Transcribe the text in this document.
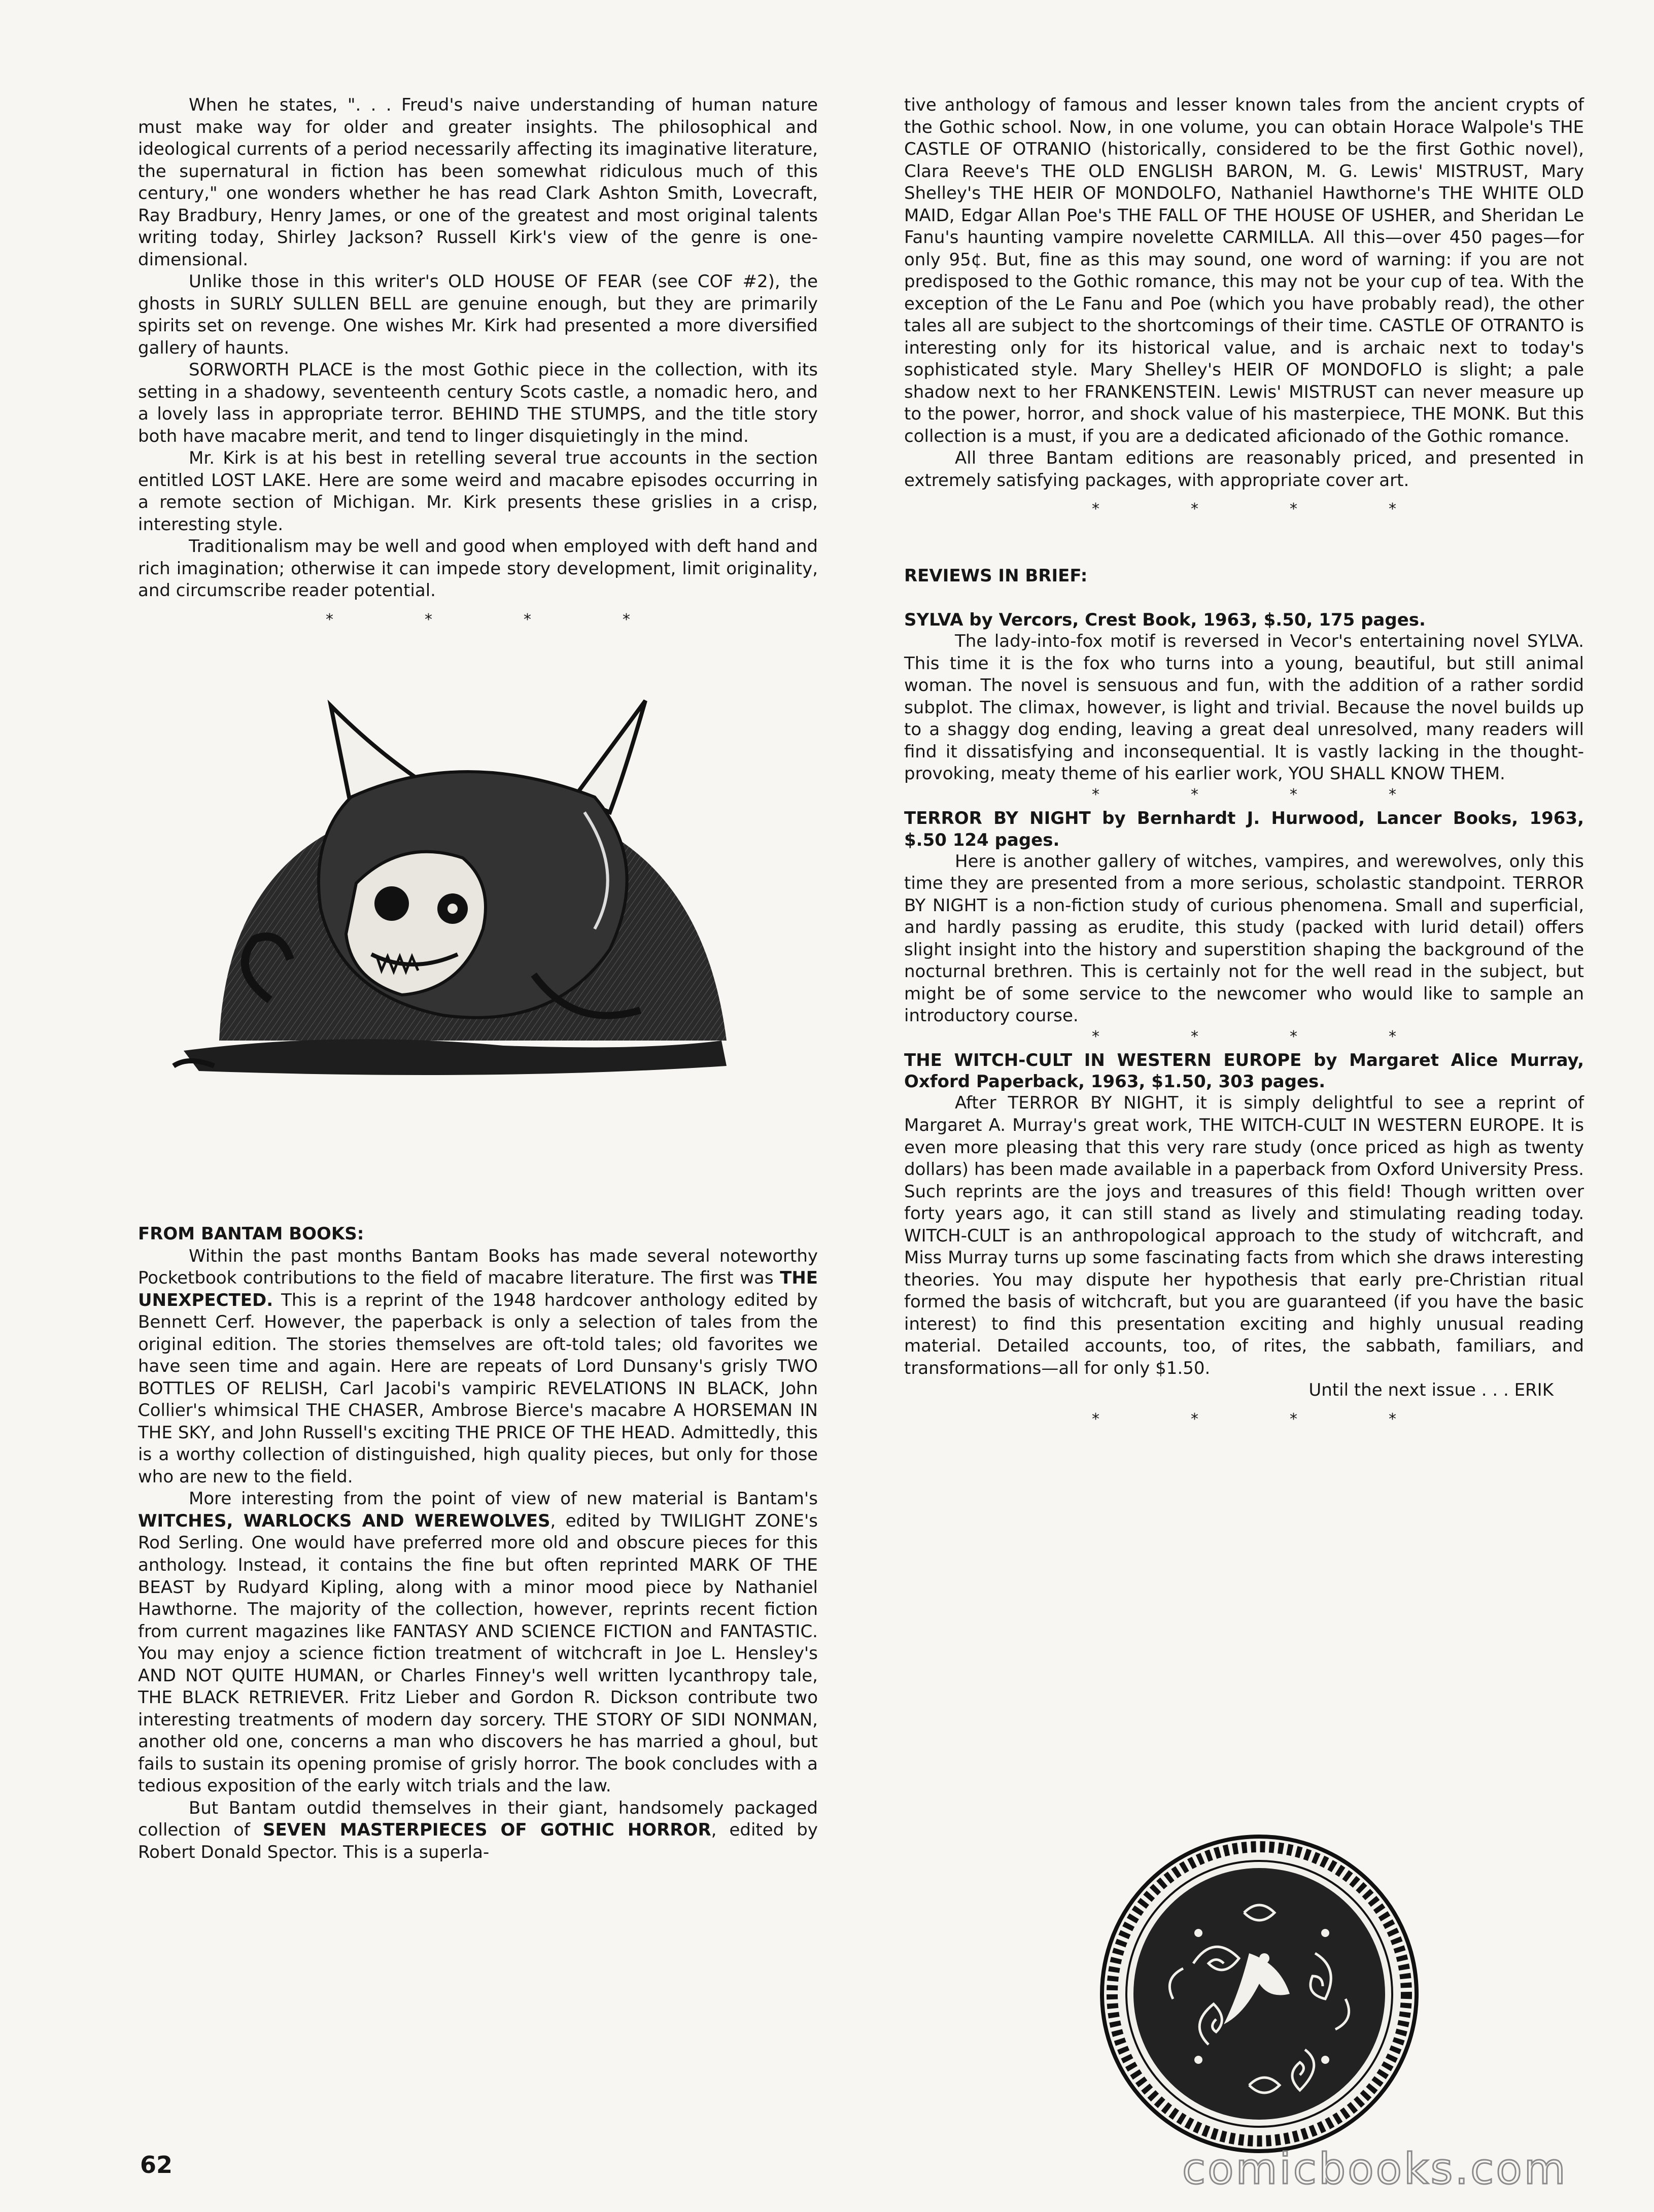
When he states, ". . . Freud's naive understanding of human nature must make way for older and greater insights. The philosophical and ideological currents of a period necessarily affecting its imaginative literature, the supernatural in fiction has been somewhat ridiculous much of this century," one wonders whether he has read Clark Ashton Smith, Lovecraft, Ray Bradbury, Henry James, or one of the greatest and most original talents writing today, Shirley Jackson? Russell Kirk's view of the genre is one-dimensional.

Unlike those in this writer's OLD HOUSE OF FEAR (see COF #2), the ghosts in SURLY SULLEN BELL are genuine enough, but they are primarily spirits set on revenge. One wishes Mr. Kirk had presented a more diversified gallery of haunts.

SORWORTH PLACE is the most Gothic piece in the collection, with its setting in a shadowy, seventeenth century Scots castle, a nomadic hero, and a lovely lass in appropriate terror. BEHIND THE STUMPS, and the title story both have macabre merit, and tend to linger disquietingly in the mind.

Mr. Kirk is at his best in retelling several true accounts in the section entitled LOST LAKE. Here are some weird and macabre episodes occurring in a remote section of Michigan. Mr. Kirk presents these grislies in a crisp, interesting style.

Traditionalism may be well and good when employed with deft hand and rich imagination; otherwise it can impede story development, limit originality, and circumscribe reader potential.

*	*	*	*

FROM BANTAM BOOKS:

Within the past months Bantam Books has made several noteworthy Pocketbook contributions to the field of macabre literature. The first was THE UNEXPECTED. This is a reprint of the 1948 hardcover anthology edited by Bennett Cerf. However, the paperback is only a selection of tales from the original edition. The stories themselves are oft-told tales; old favorites we have seen time and again. Here are repeats of Lord Dunsany's grisly TWO BOTTLES OF RELISH, Carl Jacobi's vampiric REVELATIONS IN BLACK, John Collier's whimsical THE CHASER, Ambrose Bierce's macabre A HORSEMAN IN THE SKY, and John Russell's exciting THE PRICE OF THE HEAD. Admittedly, this is a worthy collection of distinguished, high quality pieces, but only for those who are new to the field.

More interesting from the point of view of new material is Bantam's WITCHES, WARLOCKS AND WEREWOLVES, edited by TWILIGHT ZONE's Rod Serling. One would have preferred more old and obscure pieces for this anthology. Instead, it contains the fine but often reprinted MARK OF THE BEAST by Rudyard Kipling, along with a minor mood piece by Nathaniel Hawthorne. The majority of the collection, however, reprints recent fiction from current magazines like FANTASY AND SCIENCE FICTION and FANTASTIC. You may enjoy a science fiction treatment of witchcraft in Joe L. Hensley's AND NOT QUITE HUMAN, or Charles Finney's well written lycanthropy tale, THE BLACK RETRIEVER. Fritz Lieber and Gordon R. Dickson contribute two interesting treatments of modern day sorcery. THE STORY OF SIDI NONMAN, another old one, concerns a man who discovers he has married a ghoul, but fails to sustain its opening promise of grisly horror. The book concludes with a tedious exposition of the early witch trials and the law.

But Bantam outdid themselves in their giant, handsomely packaged collection of SEVEN MASTERPIECES OF GOTHIC HORROR, edited by Robert Donald Spector. This is a superla-

tive anthology of famous and lesser known tales from the ancient crypts of the Gothic school. Now, in one volume, you can obtain Horace Walpole's THE CASTLE OF OTRANIO (historically, considered to be the first Gothic novel), Clara Reeve's THE OLD ENGLISH BARON, M. G. Lewis' MISTRUST, Mary Shelley's THE HEIR OF MONDOLFO, Nathaniel Hawthorne's THE WHITE OLD MAID, Edgar Allan Poe's THE FALL OF THE HOUSE OF USHER, and Sheridan Le Fanu's haunting vampire novelette CARMILLA. All this—over 450 pages—for only 95¢. But, fine as this may sound, one word of warning: if you are not predisposed to the Gothic romance, this may not be your cup of tea. With the exception of the Le Fanu and Poe (which you have probably read), the other tales all are subject to the shortcomings of their time. CASTLE OF OTRANTO is interesting only for its historical value, and is archaic next to today's sophisticated style. Mary Shelley's HEIR OF MONDOFLO is slight; a pale shadow next to her FRANKENSTEIN. Lewis' MISTRUST can never measure up to the power, horror, and shock value of his masterpiece, THE MONK. But this collection is a must, if you are a dedicated aficionado of the Gothic romance.

All three Bantam editions are reasonably priced, and presented in extremely satisfying packages, with appropriate cover art.

*	*	*	*

REVIEWS IN BRIEF:

SYLVA by Vercors, Crest Book, 1963, $.50, 175 pages.

The lady-into-fox motif is reversed in Vecor's entertaining novel SYLVA. This time it is the fox who turns into a young, beautiful, but still animal woman. The novel is sensuous and fun, with the addition of a rather sordid subplot. The climax, however, is light and trivial. Because the novel builds up to a shaggy dog ending, leaving a great deal unresolved, many readers will find it dissatisfying and inconsequential. It is vastly lacking in the thought-provoking, meaty theme of his earlier work, YOU SHALL KNOW THEM.

*	*	*	*

TERROR BY NIGHT by Bernhardt J. Hurwood, Lancer Books, 1963, $.50 124 pages.

Here is another gallery of witches, vampires, and werewolves, only this time they are presented from a more serious, scholastic standpoint. TERROR BY NIGHT is a non-fiction study of curious phenomena. Small and superficial, and hardly passing as erudite, this study (packed with lurid detail) offers slight insight into the history and superstition shaping the background of the nocturnal brethren. This is certainly not for the well read in the subject, but might be of some service to the newcomer who would like to sample an introductory course.

*	*	*	*

THE WITCH-CULT IN WESTERN EUROPE by Margaret Alice Murray, Oxford Paperback, 1963, $1.50, 303 pages.

After TERROR BY NIGHT, it is simply delightful to see a reprint of Margaret A. Murray's great work, THE WITCH-CULT IN WESTERN EUROPE. It is even more pleasing that this very rare study (once priced as high as twenty dollars) has been made available in a paperback from Oxford University Press. Such reprints are the joys and treasures of this field! Though written over forty years ago, it can still stand as lively and stimulating reading today. WITCH-CULT is an anthropological approach to the study of witchcraft, and Miss Murray turns up some fascinating facts from which she draws interesting theories. You may dispute her hypothesis that early pre-Christian ritual formed the basis of witchcraft, but you are guaranteed (if you have the basic interest) to find this presentation exciting and highly unusual reading material. Detailed accounts, too, of rites, the sabbath, familiars, and transformations—all for only $1.50.

Until the next issue . . . ERIK

*	*	*	*
62	comicbooks.com
